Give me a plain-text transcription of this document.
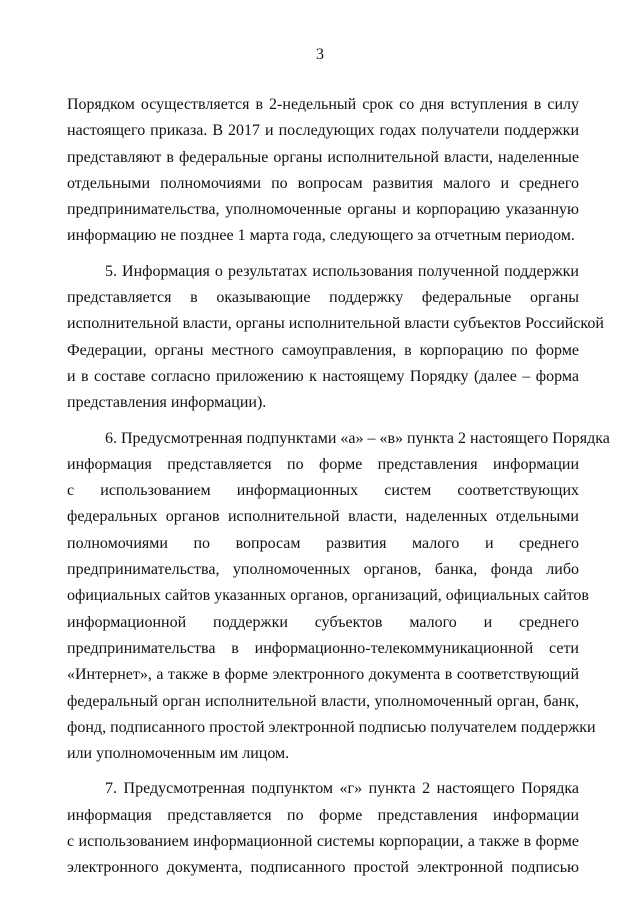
3
Порядком осуществляется в 2-недельный срок со дня вступления в силу
настоящего приказа. В 2017 и последующих годах получатели поддержки
представляют в федеральные органы исполнительной власти, наделенные
отдельными полномочиями по вопросам развития малого и среднего
предпринимательства, уполномоченные органы и корпорацию указанную
информацию не позднее 1 марта года, следующего за отчетным периодом.
5. Информация о результатах использования полученной поддержки
представляется в оказывающие поддержку федеральные органы
исполнительной власти, органы исполнительной власти субъектов Российской
Федерации, органы местного самоуправления, в корпорацию по форме
и в составе согласно приложению к настоящему Порядку (далее – форма
представления информации).
6. Предусмотренная подпунктами «а» – «в» пункта 2 настоящего Порядка
информация представляется по форме представления информации
с использованием информационных систем соответствующих
федеральных органов исполнительной власти, наделенных отдельными
полномочиями по вопросам развития малого и среднего
предпринимательства, уполномоченных органов, банка, фонда либо
официальных сайтов указанных органов, организаций, официальных сайтов
информационной поддержки субъектов малого и среднего
предпринимательства в информационно-телекоммуникационной сети
«Интернет», а также в форме электронного документа в соответствующий
федеральный орган исполнительной власти, уполномоченный орган, банк,
фонд, подписанного простой электронной подписью получателем поддержки
или уполномоченным им лицом.
7. Предусмотренная подпунктом «г» пункта 2 настоящего Порядка
информация представляется по форме представления информации
с использованием информационной системы корпорации, а также в форме
электронного документа, подписанного простой электронной подписью
